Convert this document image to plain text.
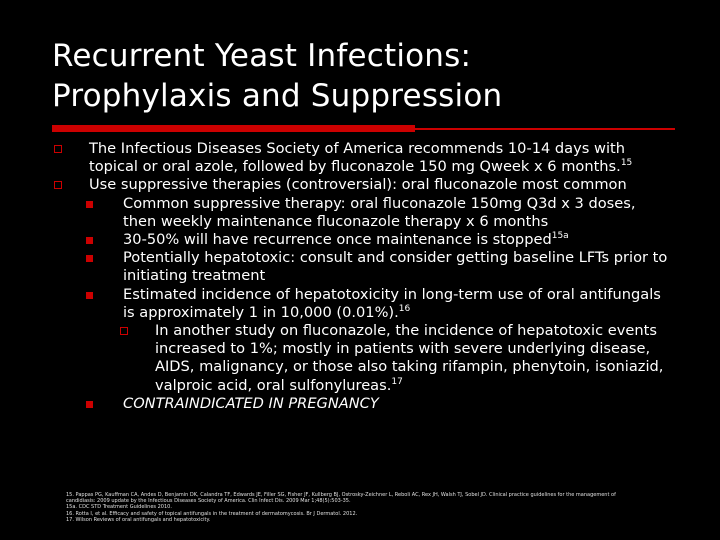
Recurrent Yeast Infections:
Prophylaxis and Suppression
The Infectious Diseases Society of America recommends 10-14 days with topical or oral azole, followed by fluconazole 150 mg Qweek x 6 months.$^{15}$
Use suppressive therapies (controversial): oral fluconazole most common
Common suppressive therapy: oral fluconazole 150mg Q3d x 3 doses, then weekly maintenance fluconazole therapy x 6 months
30-50% will have recurrence once maintenance is stopped$^{15a}$
Potentially hepatotoxic: consult and consider getting baseline LFTs prior to initiating treatment
Estimated incidence of hepatotoxicity in long-term use of oral antifungals is approximately 1 in 10,000 (0.01%).$^{16}$
In another study on fluconazole, the incidence of hepatotoxic events increased to 1%; mostly in patients with severe underlying disease, AIDS, malignancy, or those also taking rifampin, phenytoin, isoniazid, valproic acid, oral sulfonylureas.$^{17}$
CONTRAINDICATED IN PREGNANCY
15. Pappas PG, Kauffman CA, Andes D, Benjamin DK, Calandra TF, Edwards JE, Filler SG, Fisher JF, Kullberg BJ, Ostrosky-Zeichner L, Reboli AC, Rex JH, Walsh TJ, Sobel JD. Clinical practice guidelines for the management of
candidiasis: 2009 update by the Infectious Diseases Society of America. Clin Infect Dis. 2009 Mar 1;48(5):503-35.
15a. CDC STD Treatment Guidelines 2010.
16. Rotta I, et al. Efficacy and safety of topical antifungals in the treatment of dermatomycosis. Br J Dermatol. 2012.
17. Wilson Reviews of oral antifungals and hepatotoxicity.
